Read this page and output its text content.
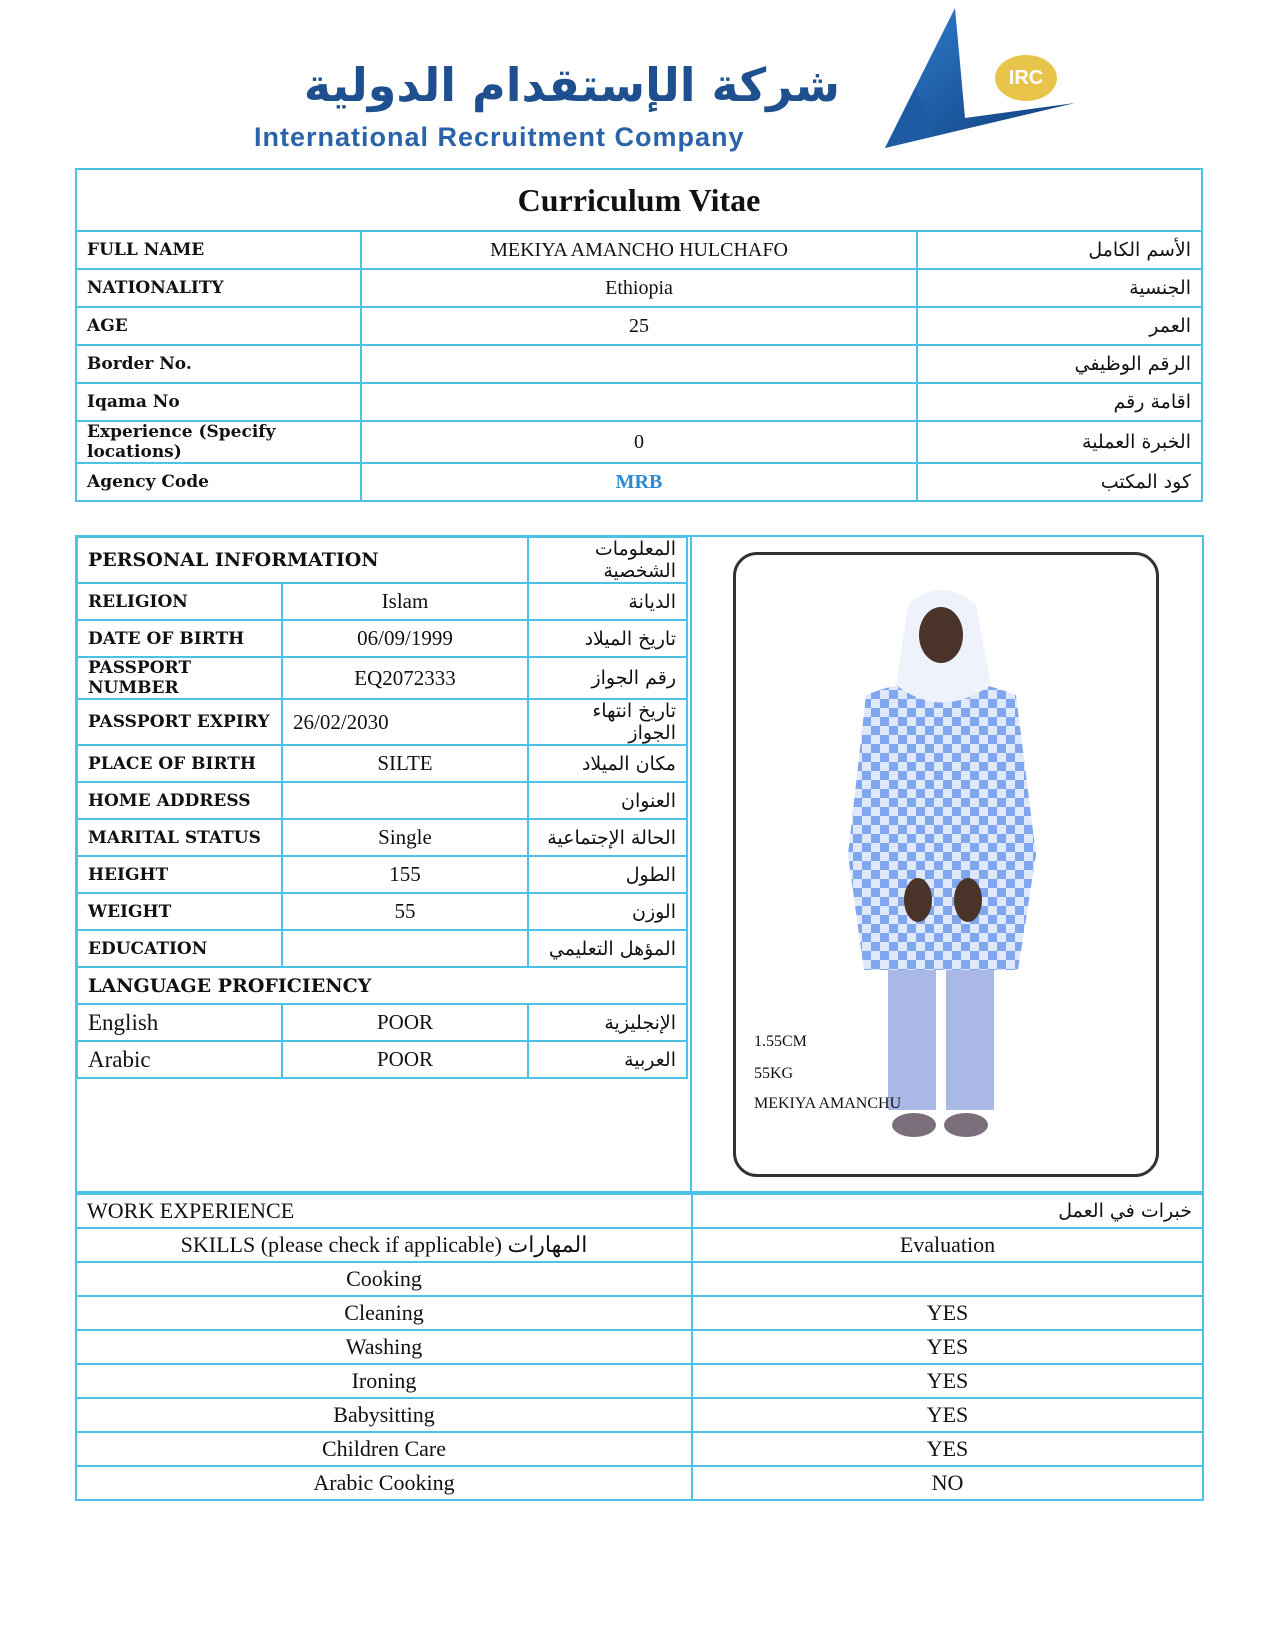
شركة الإستقدام الدولية
International Recruitment Company
IRC
Curriculum Vitae		
FULL NAME	MEKIYA AMANCHO HULCHAFO	الأسم الكامل
NATIONALITY	Ethiopia	الجنسية
AGE	25	العمر
Border No.		الرقم الوظيفي
Iqama No		اقامة رقم
Experience (Specify locations)	0	الخبرة العملية
Agency Code	MRB	كود المكتب
PERSONAL INFORMATION		المعلومات الشخصية
RELIGION	Islam	الديانة
DATE OF BIRTH	06/09/1999	تاريخ الميلاد
PASSPORT NUMBER	EQ2072333	رقم الجواز
PASSPORT EXPIRY	26/02/2030	تاريخ انتهاء الجواز
PLACE OF BIRTH	SILTE	مكان الميلاد
HOME ADDRESS		العنوان
MARITAL STATUS	Single	الحالة الإجتماعية
HEIGHT	155	الطول
WEIGHT	55	الوزن
EDUCATION		المؤهل التعليمي
LANGUAGE PROFICIENCY		
English	POOR	الإنجليزية
Arabic	POOR	العربية
1.55CM
55KG
MEKIYA AMANCHU
WORK EXPERIENCE	خبرات في العمل
SKILLS (please check if applicable) المهارات	Evaluation
Cooking	
Cleaning	YES
Washing	YES
Ironing	YES
Babysitting	YES
Children Care	YES
Arabic Cooking	NO
